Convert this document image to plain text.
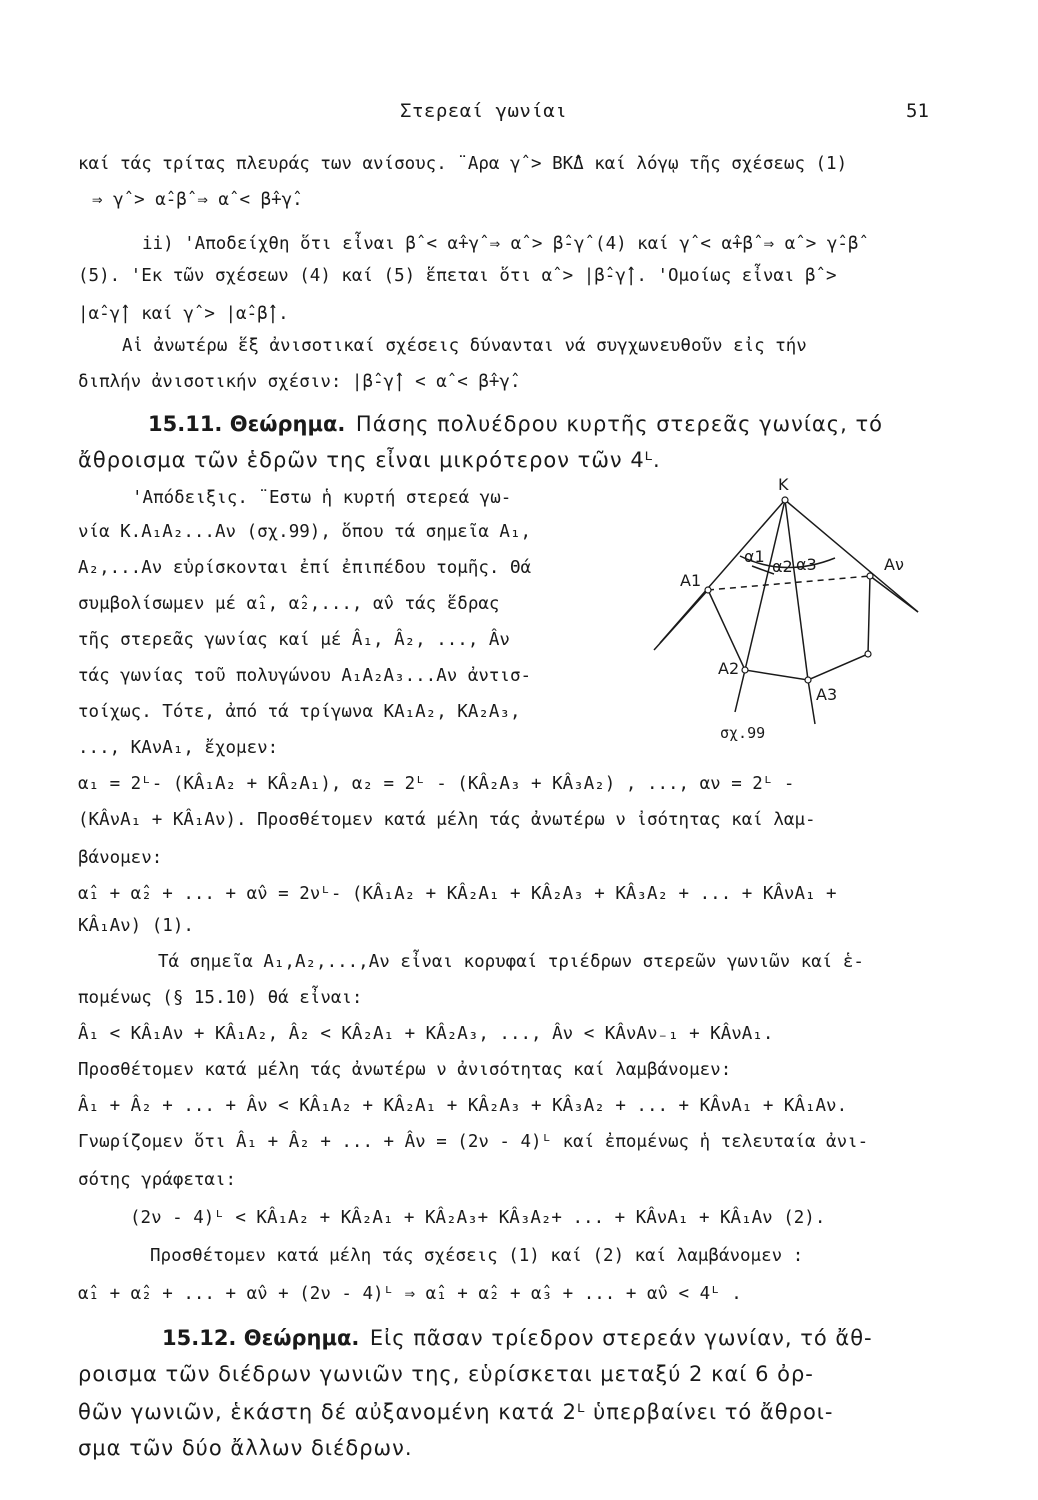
Στερεαί γωνίαι	51
καί τάς τρίτας πλευράς των ανίσους. ¨Αρα γ̂ > ΒΚ̂Δ καί λόγῳ τῆς σχέσεως (1)
⇒ γ̂ > α̂-β̂ ⇒ α̂ < β̂+γ̂.
ii) 'Αποδείχθη ὅτι εἶναι β̂ < α̂+γ̂ ⇒ α̂ > β̂-γ̂ (4) καί γ̂ < α̂+β̂ ⇒ α̂ > γ̂-β̂
(5). 'Εκ τῶν σχέσεων (4) καί (5) ἕπεται ὅτι α̂ > |β̂-γ̂|. 'Ομοίως εἶναι β̂ >
|α̂-γ̂| καί γ̂ > |α̂-β̂|.
Αἱ ἀνωτέρω ἕξ ἀνισοτικαί σχέσεις δύνανται νά συγχωνευθοῦν εἰς τήν
διπλήν ἀνισοτικήν σχέσιν: |β̂-γ̂| < α̂ < β̂+γ̂.
15.11. Θεώρημα. Πάσης πολυέδρου κυρτῆς στερεᾶς γωνίας, τό
ἄθροισμα τῶν ἑδρῶν της εἶναι μικρότερον τῶν 4ᴸ.
'Απόδειξις. ¨Εστω ἡ κυρτή στερεά γω-
νία Κ.Α₁Α₂...Αν (σχ.99), ὅπου τά σημεῖα Α₁,
Α₂,...Αν εὑρίσκονται ἐπί ἐπιπέδου τομῆς. Θά
συμβολίσωμεν μέ α̂₁, α̂₂,..., α̂ν τάς ἕδρας
τῆς στερεᾶς γωνίας καί μέ Â₁, Â₂, ..., Âν
τάς γωνίας τοῦ πολυγώνου Α₁Α₂Α₃...Αν ἀντισ-
τοίχως. Τότε, ἀπό τά τρίγωνα ΚΑ₁Α₂, ΚΑ₂Α₃,
..., ΚΑνΑ₁, ἔχομεν:
K
A1
A2
A3
Aν
α1
α2 α3
σχ.99
α₁ = 2ᴸ- (ΚÂ₁Α₂ + ΚÂ₂Α₁), α₂ = 2ᴸ - (ΚÂ₂Α₃ + ΚÂ₃Α₂) , ..., αν = 2ᴸ -
(ΚÂνΑ₁ + ΚÂ₁Αν). Προσθέτομεν κατά μέλη τάς ἀνωτέρω ν ἰσότητας καί λαμ-
βάνομεν:
α̂₁ + α̂₂ + ... + α̂ν = 2νᴸ- (ΚÂ₁Α₂ + ΚÂ₂Α₁ + ΚÂ₂Α₃ + ΚÂ₃Α₂ + ... + ΚÂνΑ₁ +
ΚÂ₁Αν) (1).
Τά σημεῖα Α₁,Α₂,...,Αν εἶναι κορυφαί τριέδρων στερεῶν γωνιῶν καί ἑ-
πομένως (§ 15.10) θά εἶναι:
Â₁ < ΚÂ₁Αν + ΚÂ₁Α₂, Â₂ < ΚÂ₂Α₁ + ΚÂ₂Α₃, ..., Âν < ΚÂνΑν₋₁ + ΚÂνΑ₁.
Προσθέτομεν κατά μέλη τάς ἀνωτέρω ν ἀνισότητας καί λαμβάνομεν:
Â₁ + Â₂ + ... + Âν < ΚÂ₁Α₂ + ΚÂ₂Α₁ + ΚÂ₂Α₃ + ΚÂ₃Α₂ + ... + ΚÂνΑ₁ + ΚÂ₁Αν.
Γνωρίζομεν ὅτι Â₁ + Â₂ + ... + Âν = (2ν - 4)ᴸ καί ἐπομένως ἡ τελευταία ἀνι-
σότης γράφεται:
(2ν - 4)ᴸ < ΚÂ₁Α₂ + ΚÂ₂Α₁ + ΚÂ₂Α₃+ ΚÂ₃Α₂+ ... + ΚÂνΑ₁ + ΚÂ₁Αν (2).
Προσθέτομεν κατά μέλη τάς σχέσεις (1) καί (2) καί λαμβάνομεν :
α̂₁ + α̂₂ + ... + α̂ν + (2ν - 4)ᴸ ⇒ α̂₁ + α̂₂ + α̂₃ + ... + α̂ν < 4ᴸ .
15.12. Θεώρημα. Εἰς πᾶσαν τρίεδρον στερεάν γωνίαν, τό ἄθ-
ροισμα τῶν διέδρων γωνιῶν της, εὑρίσκεται μεταξύ 2 καί 6 ὀρ-
θῶν γωνιῶν, ἑκάστη δέ αὐξανομένη κατά 2ᴸ ὑπερβαίνει τό ἄθροι-
σμα τῶν δύο ἄλλων διέδρων.
